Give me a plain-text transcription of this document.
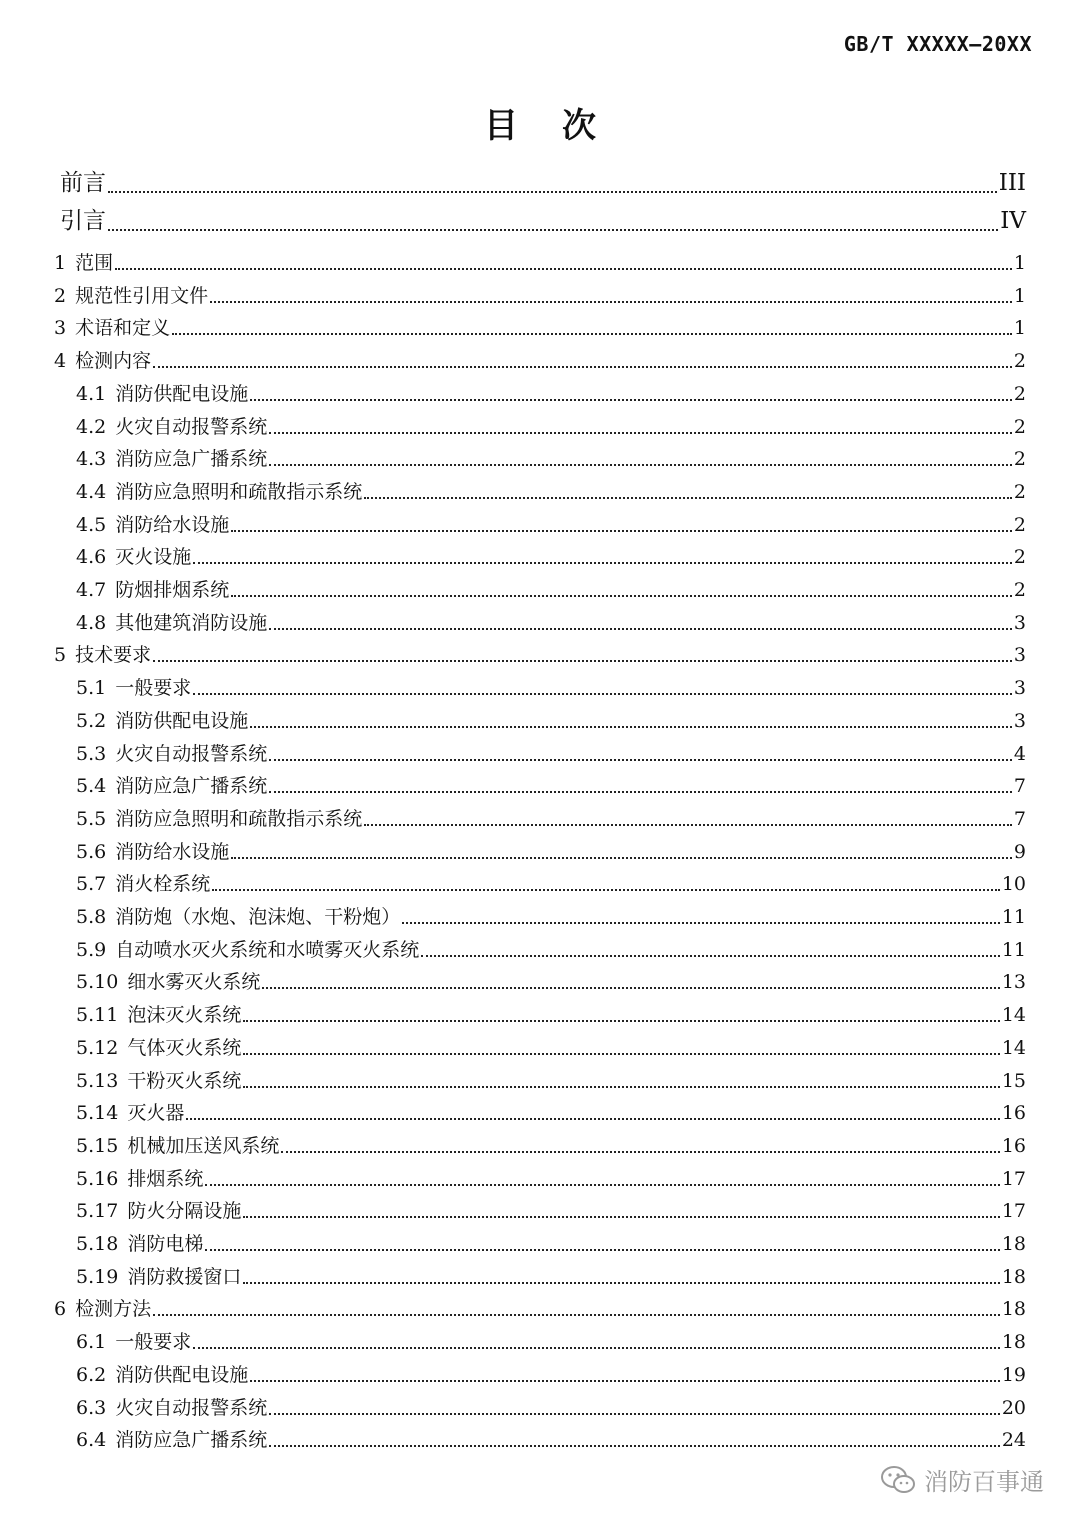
GB/T XXXXX—20XX
目次
前言	III
引言	IV
1 范围	1
2 规范性引用文件	1
3 术语和定义	1
4 检测内容	2
4.1 消防供配电设施	2
4.2 火灾自动报警系统	2
4.3 消防应急广播系统	2
4.4 消防应急照明和疏散指示系统	2
4.5 消防给水设施	2
4.6 灭火设施	2
4.7 防烟排烟系统	2
4.8 其他建筑消防设施	3
5 技术要求	3
5.1 一般要求	3
5.2 消防供配电设施	3
5.3 火灾自动报警系统	4
5.4 消防应急广播系统	7
5.5 消防应急照明和疏散指示系统	7
5.6 消防给水设施	9
5.7 消火栓系统	10
5.8 消防炮（水炮、泡沫炮、干粉炮）	11
5.9 自动喷水灭火系统和水喷雾灭火系统	11
5.10 细水雾灭火系统	13
5.11 泡沫灭火系统	14
5.12 气体灭火系统	14
5.13 干粉灭火系统	15
5.14 灭火器	16
5.15 机械加压送风系统	16
5.16 排烟系统	17
5.17 防火分隔设施	17
5.18 消防电梯	18
5.19 消防救援窗口	18
6 检测方法	18
6.1 一般要求	18
6.2 消防供配电设施	19
6.3 火灾自动报警系统	20
6.4 消防应急广播系统	24
消防百事通
